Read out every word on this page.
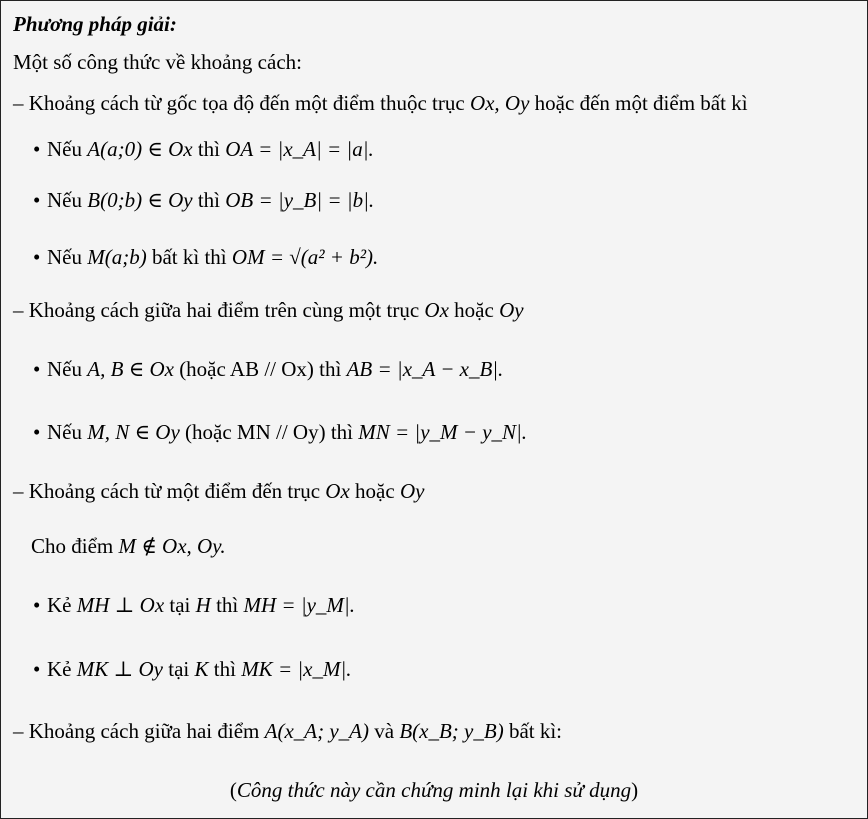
Phương pháp giải:
Một số công thức về khoảng cách:
– Khoảng cách từ gốc tọa độ đến một điểm thuộc trục Ox, Oy hoặc đến một điểm bất kì
• Nếu A(a;0) ∈ Ox thì OA = |x_A| = |a|.
• Nếu B(0;b) ∈ Oy thì OB = |y_B| = |b|.
• Nếu M(a;b) bất kì thì OM = √(a² + b²).
– Khoảng cách giữa hai điểm trên cùng một trục Ox hoặc Oy
• Nếu A, B ∈ Ox (hoặc AB // Ox) thì AB = |x_A − x_B|.
• Nếu M, N ∈ Oy (hoặc MN // Oy) thì MN = |y_M − y_N|.
– Khoảng cách từ một điểm đến trục Ox hoặc Oy
Cho điểm M ∉ Ox, Oy.
• Kẻ MH ⊥ Ox tại H thì MH = |y_M|.
• Kẻ MK ⊥ Oy tại K thì MK = |x_M|.
– Khoảng cách giữa hai điểm A(x_A; y_A) và B(x_B; y_B) bất kì:
(Công thức này cần chứng minh lại khi sử dụng)
